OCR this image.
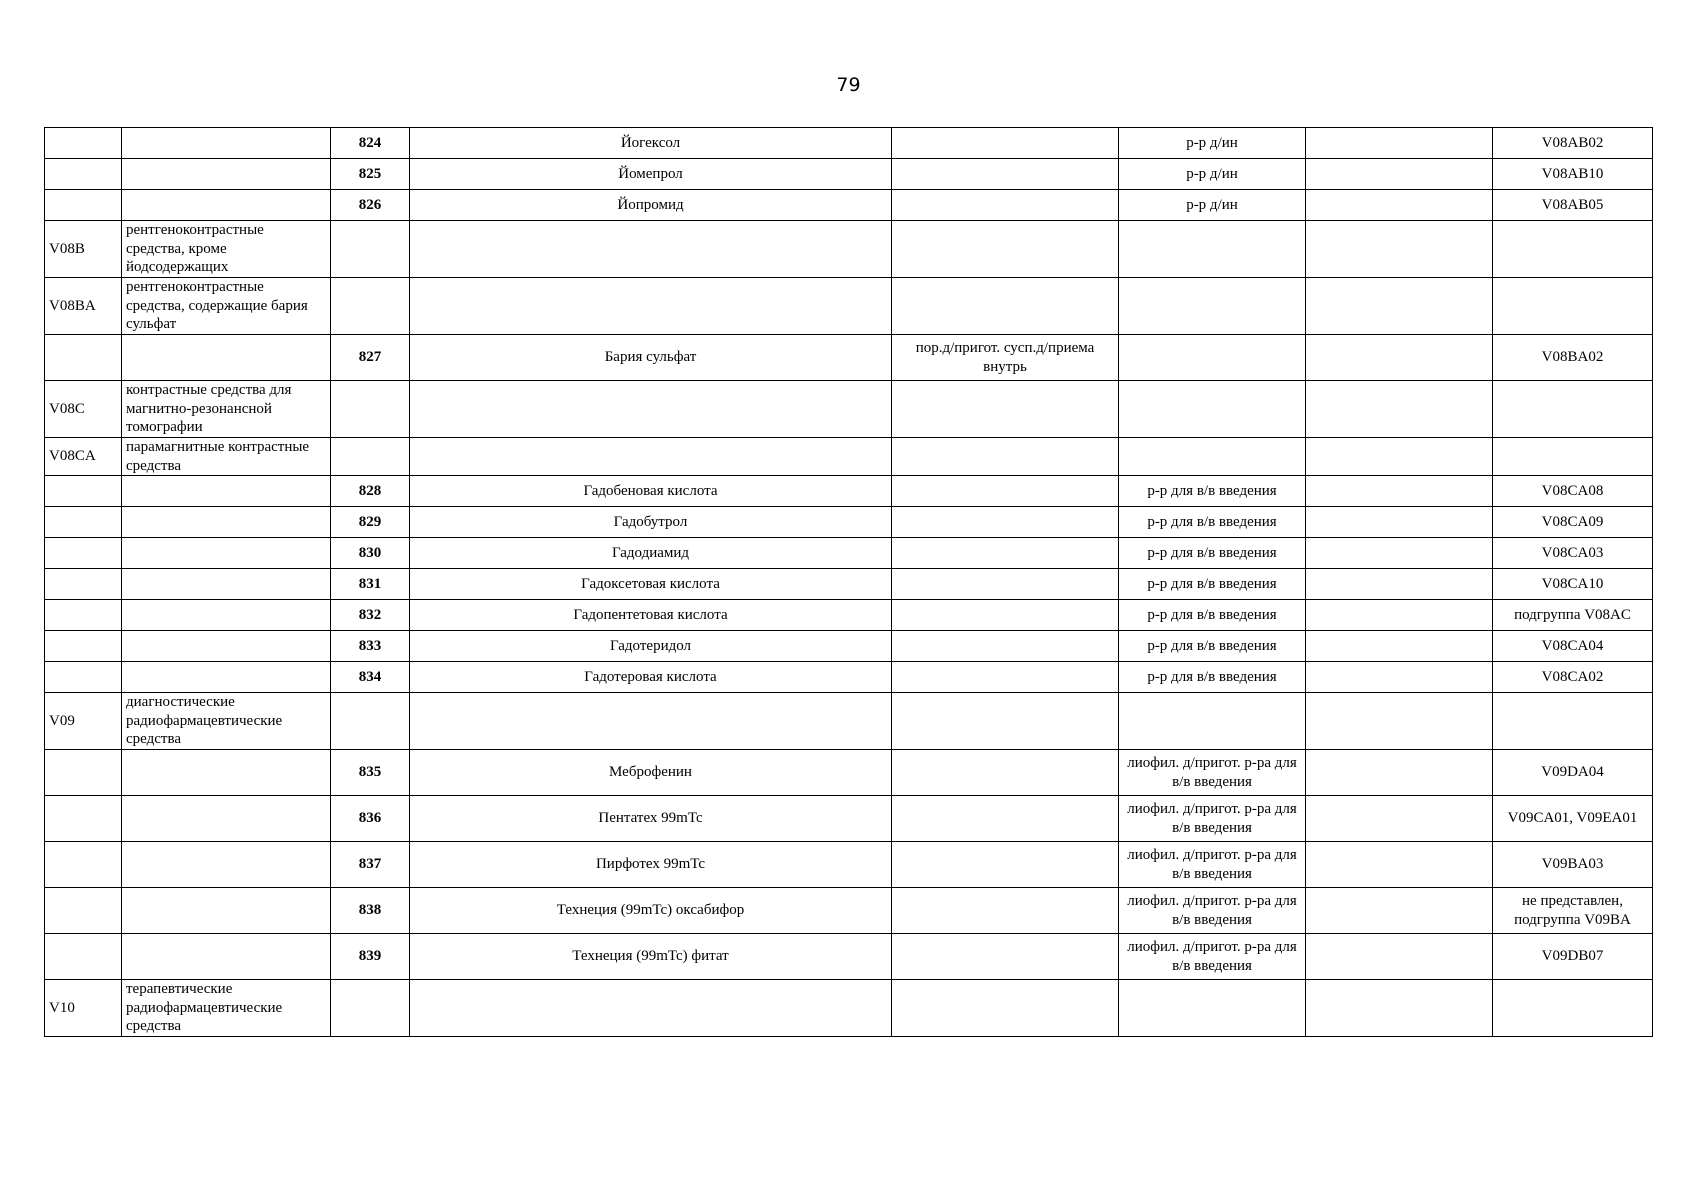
79
		824	Йогексол		р-р д/ин		V08AB02
		825	Йомепрол		р-р д/ин		V08AB10
		826	Йопромид		р-р д/ин		V08AB05
V08B	рентгеноконтрастные средства, кроме йодсодержащих						
V08BA	рентгеноконтрастные средства, содержащие бария сульфат						
		827	Бария сульфат	пор.д/пригот. сусп.д/приема внутрь			V08BA02
V08C	контрастные средства для магнитно-резонансной томографии						
V08CA	парамагнитные контрастные средства						
		828	Гадобеновая кислота		р-р для в/в введения		V08CA08
		829	Гадобутрол		р-р для в/в введения		V08CA09
		830	Гадодиамид		р-р для в/в введения		V08CA03
		831	Гадоксетовая кислота		р-р для в/в введения		V08CA10
		832	Гадопентетовая кислота		р-р для в/в введения		подгруппа V08AC
		833	Гадотеридол		р-р для в/в введения		V08CA04
		834	Гадотеровая кислота		р-р для в/в введения		V08CA02
V09	диагностические радиофармацевтические средства						
		835	Меброфенин		лиофил. д/пригот. р-ра для в/в введения		V09DA04
		836	Пентатех 99mTc		лиофил. д/пригот. р-ра для в/в введения		V09CA01, V09EA01
		837	Пирфотех 99mTc		лиофил. д/пригот. р-ра для в/в введения		V09BA03
		838	Технеция (99mTc) оксабифор		лиофил. д/пригот. р-ра для в/в введения		не представлен, подгруппа V09BA
		839	Технеция (99mTc) фитат		лиофил. д/пригот. р-ра для в/в введения		V09DB07
V10	терапевтические радиофармацевтические средства						
